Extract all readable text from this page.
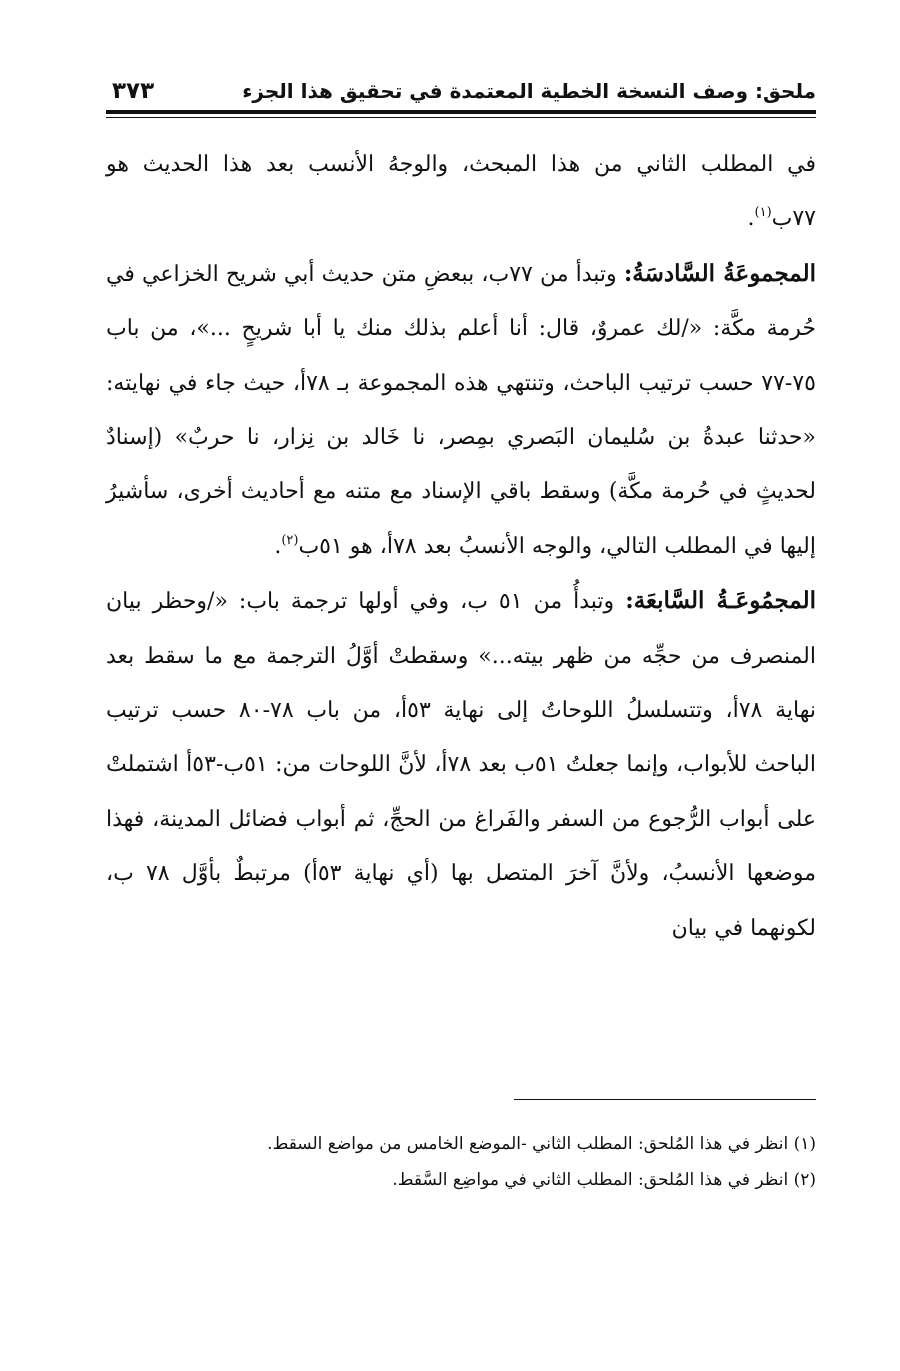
ملحق: وصف النسخة الخطية المعتمدة في تحقيق هذا الجزء
٣٧٣

في المطلب الثاني من هذا المبحث، والوجهُ الأنسب بعد هذا الحديث هو ٧٧ب$^{(١)}$.

المجموعَةُ السَّادسَةُ: وتبدأ من ٧٧ب، ببعضِ متن حديث أبي شريح الخزاعي في حُرمة مكَّة: «/لك عمروٌ، قال: أنا أعلم بذلك منك يا أبا شريحٍ ...»، من باب ٧٥-٧٧ حسب ترتيب الباحث، وتنتهي هذه المجموعة بـ ٧٨أ، حيث جاء في نهايته: «حدثنا عبدةُ بن سُليمان البَصري بمِصر، نا خَالد بن نِزار، نا حربٌ» (إسنادٌ لحديثٍ في حُرمة مكَّة) وسقط باقي الإسناد مع متنه مع أحاديث أخرى، سأشيرُ إليها في المطلب التالي، والوجه الأنسبُ بعد ٧٨أ، هو ٥١ب$^{(٢)}$.

المجمُوعَـةُ السَّابعَة: وتبدأُ من ٥١ ب، وفي أولها ترجمة باب: «/وحظر بيان المنصرف من حجِّه من ظهر بيته...» وسقطتْ أوَّلُ الترجمة مع ما سقط بعد نهاية ٧٨أ، وتتسلسلُ اللوحاتُ إلى نهاية ٥٣أ، من باب ٧٨-٨٠ حسب ترتيب الباحث للأبواب، وإنما جعلتُ ٥١ب بعد ٧٨أ، لأنَّ اللوحات من: ٥١ب-٥٣أ اشتملتْ على أبواب الرُّجوع من السفر والفَراغ من الحجِّ، ثم أبواب فضائل المدينة، فهذا موضعها الأنسبُ، ولأنَّ آخرَ المتصل بها (أي نهاية ٥٣أ) مرتبطٌ بأوَّل ٧٨ ب، لكونهما في بيان

(١) انظر في هذا المُلحق: المطلب الثاني -الموضع الخامس من مواضع السقط.

(٢) انظر في هذا المُلحق: المطلب الثاني في مواضِع السَّقط.
